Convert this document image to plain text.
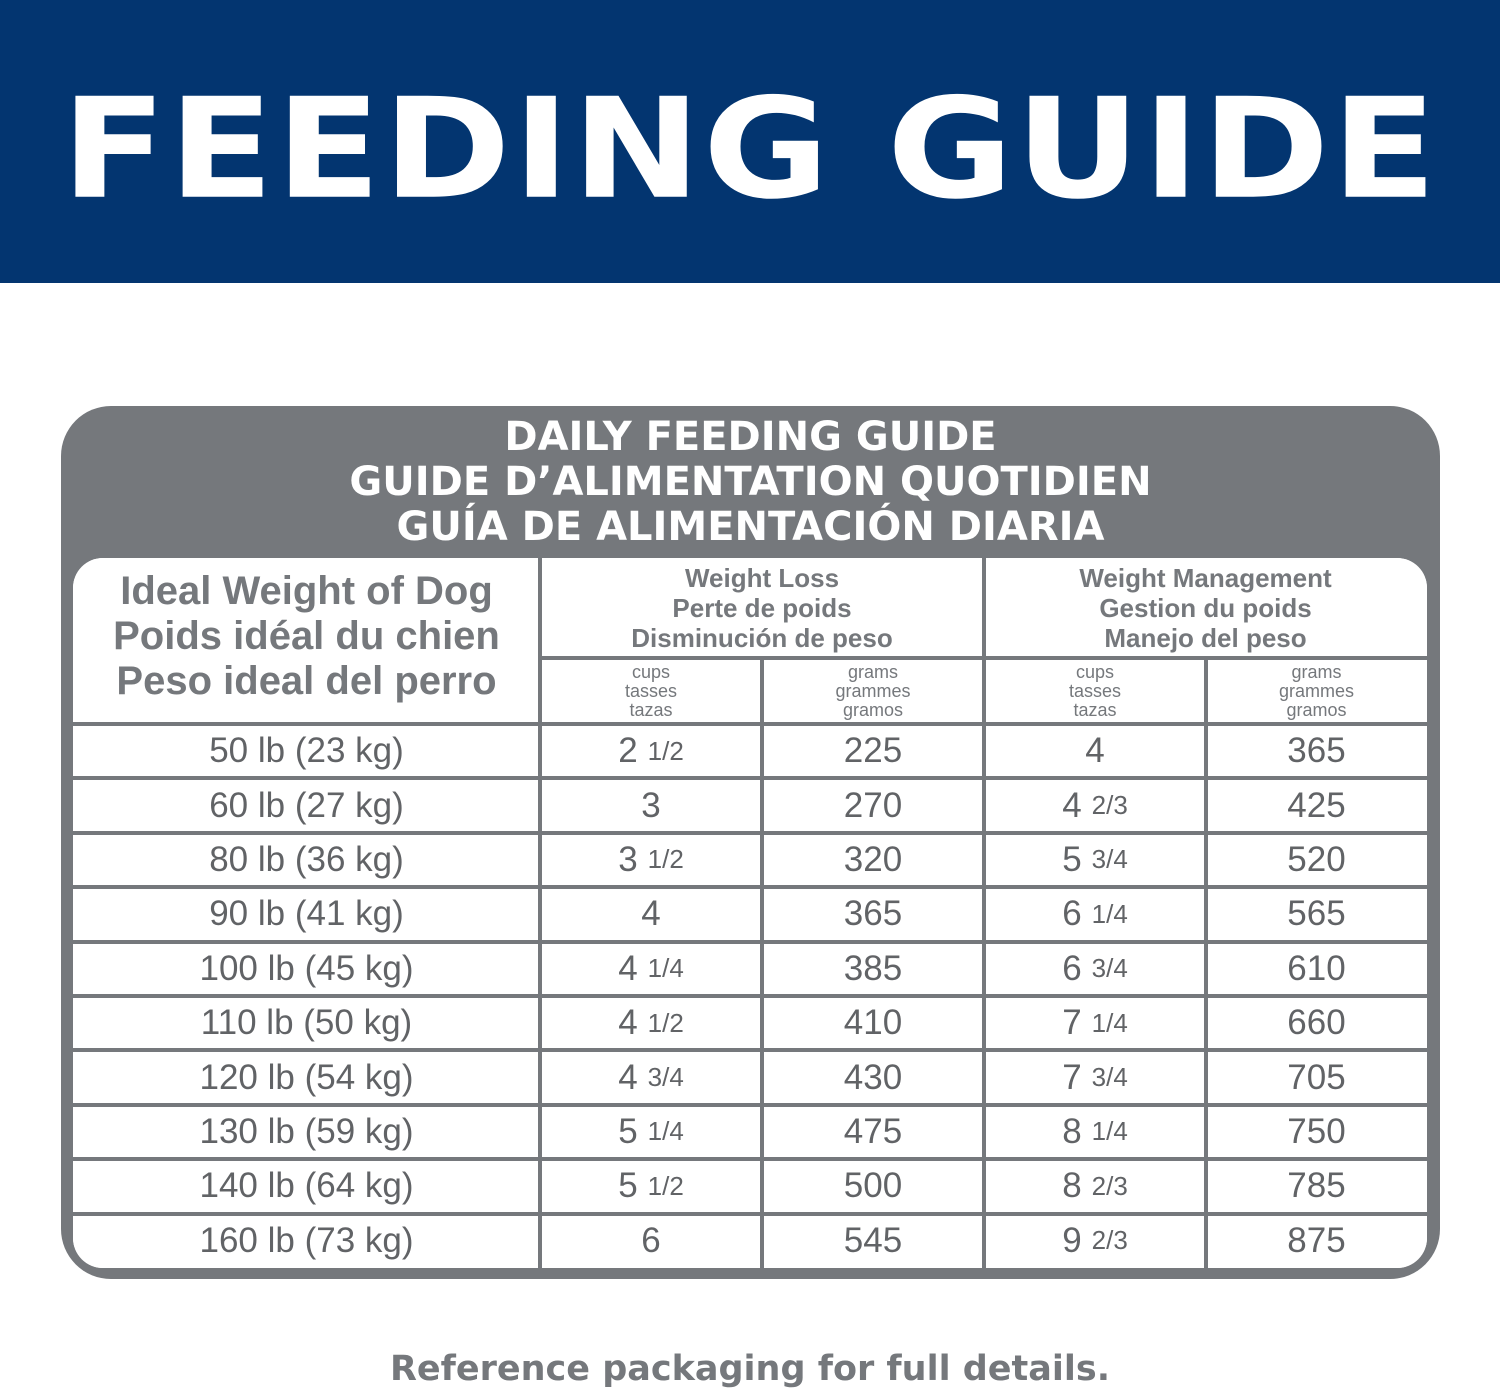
FEEDING GUIDE
DAILY FEEDING GUIDE
GUIDE D’ALIMENTATION QUOTIDIEN
GUÍA DE ALIMENTACIÓN DIARIA
Ideal Weight of Dog
Poids idéal du chien
Peso ideal del perro
Weight Loss
Perte de poids
Disminución de peso
Weight Management
Gestion du poids
Manejo del peso
cups
tasses
tazas
grams
grammes
gramos
cups
tasses
tazas
grams
grammes
gramos
50 lb (23 kg)	2 1/2	225	4	365
60 lb (27 kg)	3	270	4 2/3	425
80 lb (36 kg)	3 1/2	320	5 3/4	520
90 lb (41 kg)	4	365	6 1/4	565
100 lb (45 kg)	4 1/4	385	6 3/4	610
110 lb (50 kg)	4 1/2	410	7 1/4	660
120 lb (54 kg)	4 3/4	430	7 3/4	705
130 lb (59 kg)	5 1/4	475	8 1/4	750
140 lb (64 kg)	5 1/2	500	8 2/3	785
160 lb (73 kg)	6	545	9 2/3	875
Reference packaging for full details.
